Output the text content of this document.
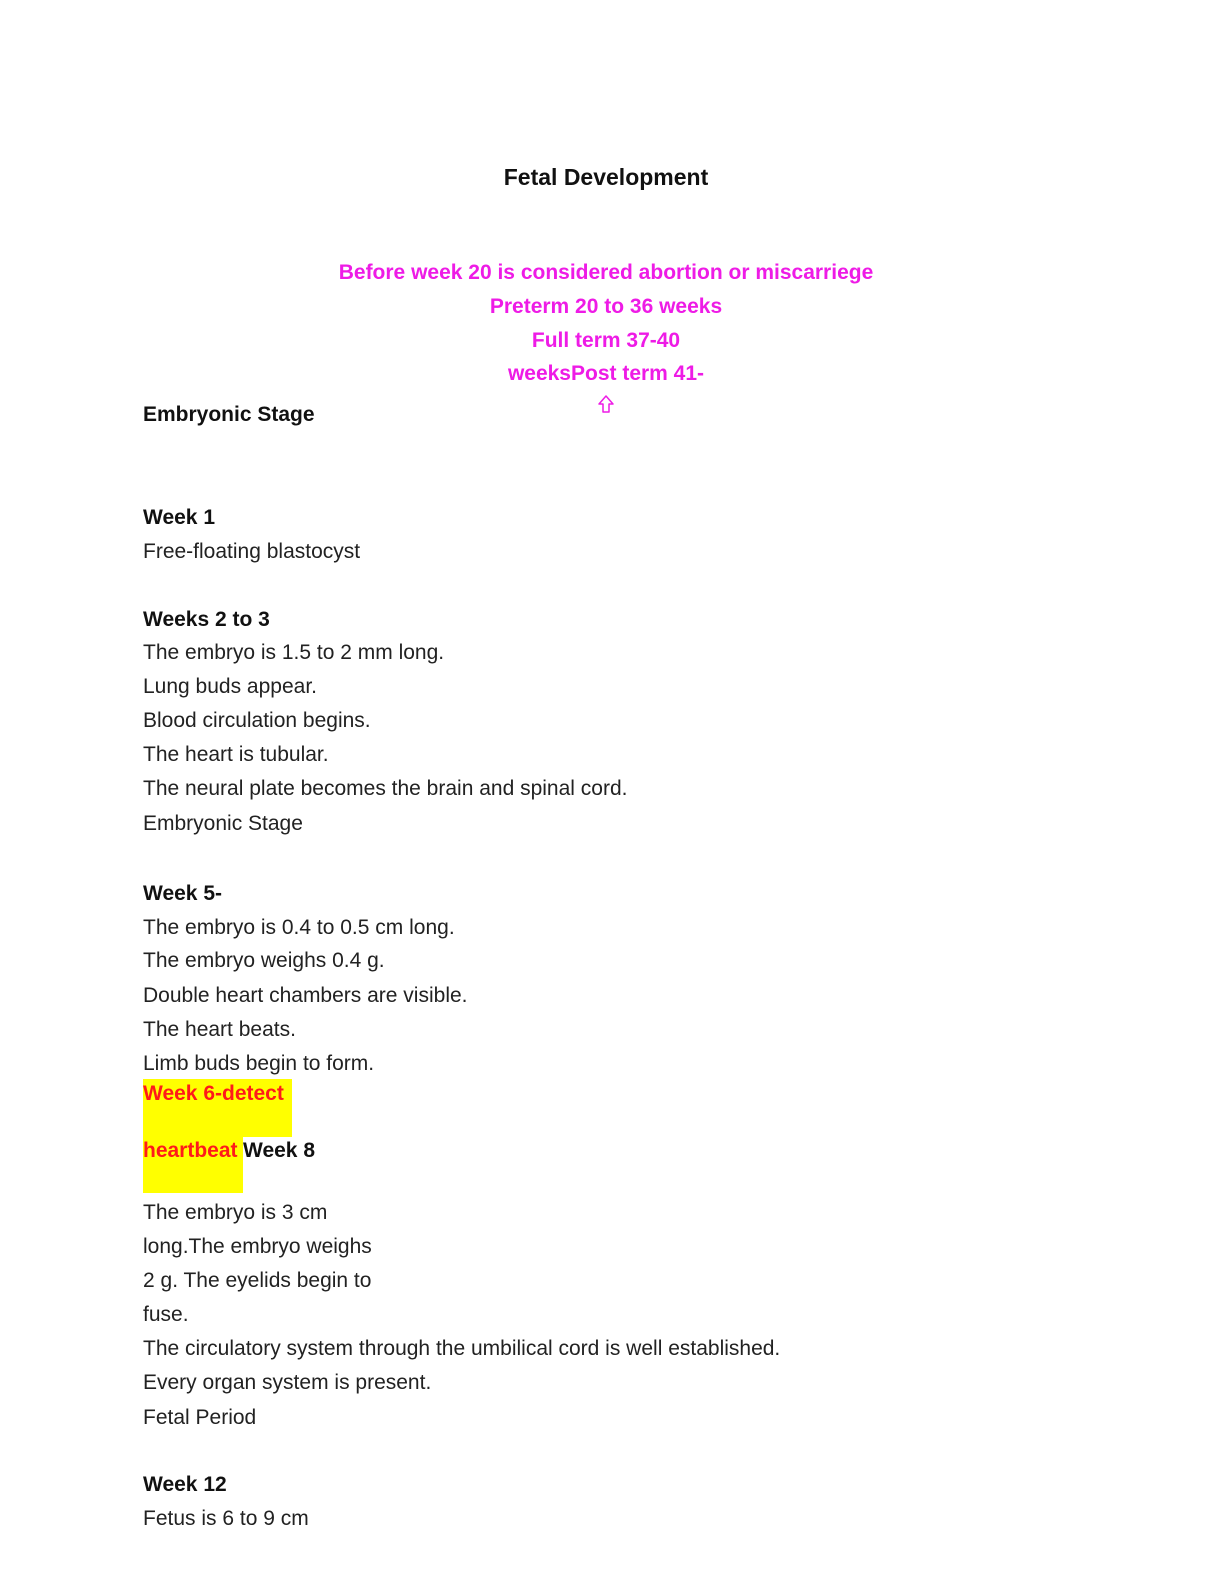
Fetal Development
Before week 20 is considered abortion or miscarriege
Preterm 20 to 36 weeks
Full term 37-40
weeksPost term 41-
Embryonic Stage
Week 1
Free-floating blastocyst
Weeks 2 to 3
The embryo is 1.5 to 2 mm long.
Lung buds appear.
Blood circulation begins.
The heart is tubular.
The neural plate becomes the brain and spinal cord.
Embryonic Stage
Week 5-
The embryo is 0.4 to 0.5 cm long.
The embryo weighs 0.4 g.
Double heart chambers are visible.
The heart beats.
Limb buds begin to form.
Week 6-detect
heartbeat Week 8
The embryo is 3 cm
long.The embryo weighs
2 g. The eyelids begin to
fuse.
The circulatory system through the umbilical cord is well established.
Every organ system is present.
Fetal Period
Week 12
Fetus is 6 to 9 cm
